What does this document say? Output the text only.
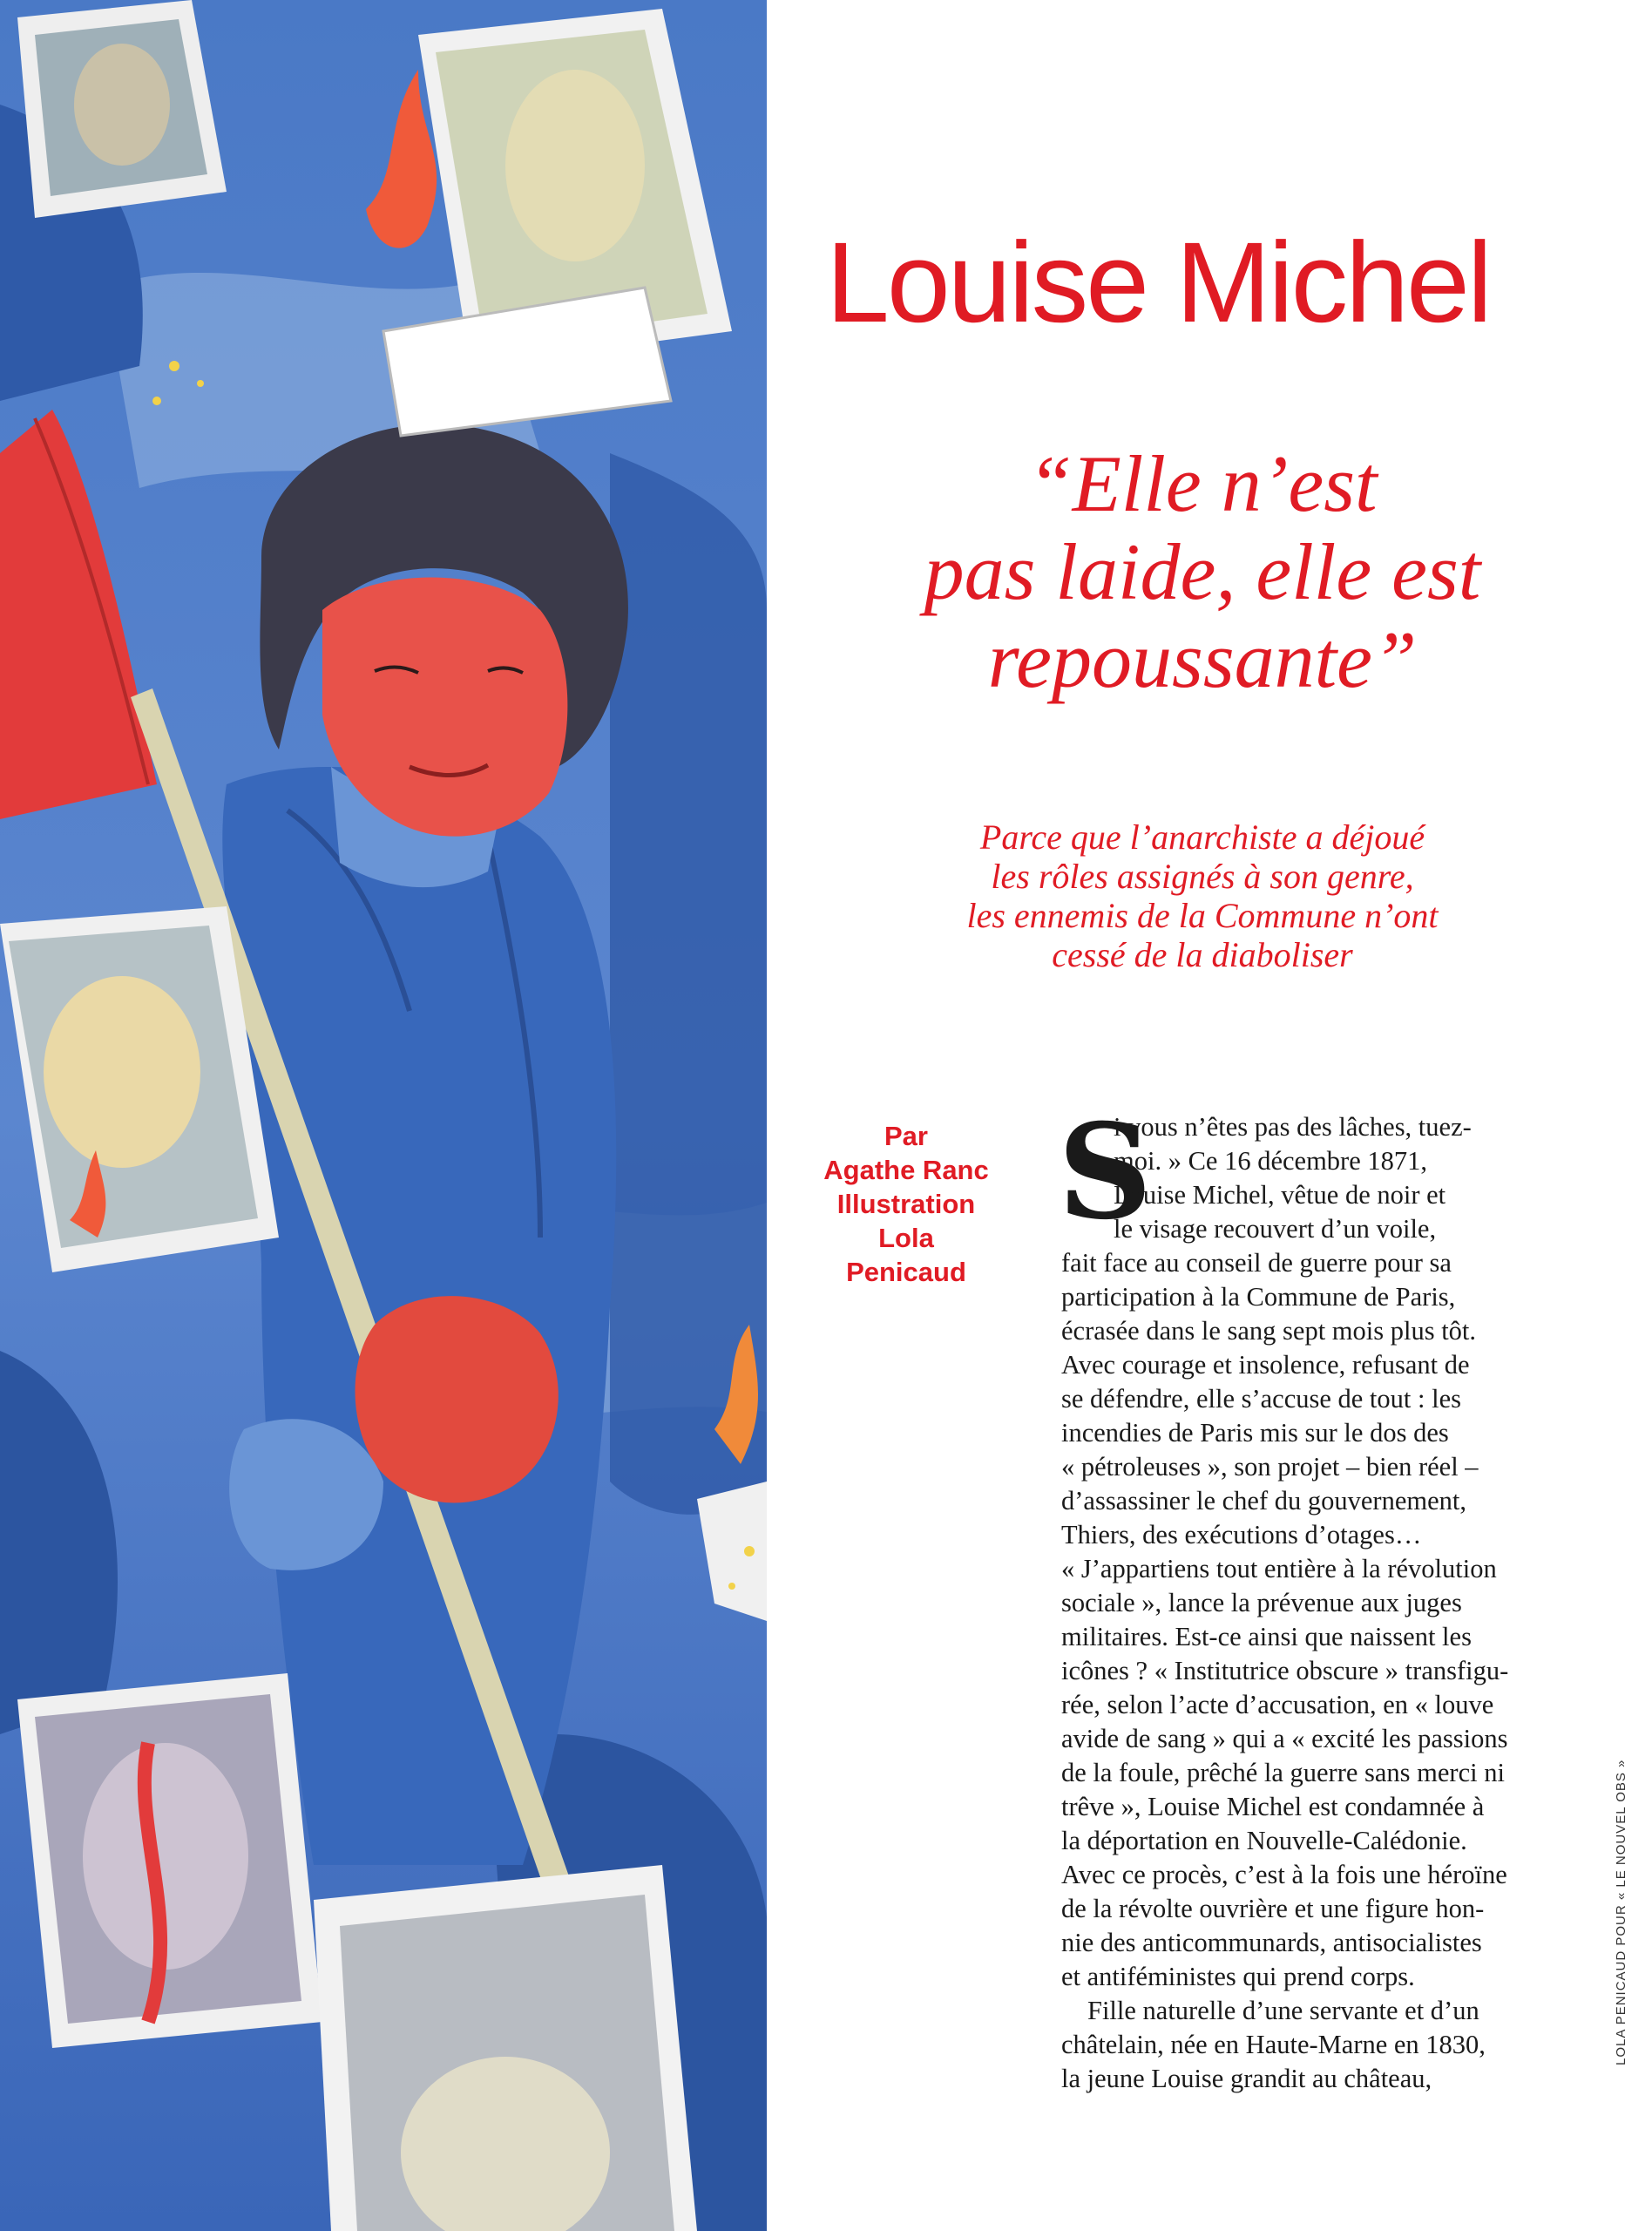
Louise Michel
“Elle n’est
pas laide, elle est
repoussante”
Parce que l’anarchiste a déjoué
les rôles assignés à son genre,
les ennemis de la Commune n’ont
cessé de la diaboliser
Par
Agathe Ranc
Illustration
Lola
Penicaud
S
i vous n’êtes pas des lâches, tuez-
moi. » Ce 16 décembre 1871,
Louise Michel, vêtue de noir et
le visage recouvert d’un voile,
fait face au conseil de guerre pour sa
participation à la Commune de Paris,
écrasée dans le sang sept mois plus tôt.
Avec courage et insolence, refusant de
se défendre, elle s’accuse de tout : les
incendies de Paris mis sur le dos des
« pétroleuses », son projet – bien réel –
d’assassiner le chef du gouvernement,
Thiers, des exécutions d’otages…
« J’appartiens tout entière à la révolution
sociale », lance la prévenue aux juges
militaires. Est-ce ainsi que naissent les
icônes ? « Institutrice obscure » transfigu-
rée, selon l’acte d’accusation, en « louve
avide de sang » qui a « excité les passions
de la foule, prêché la guerre sans merci ni
trêve », Louise Michel est condamnée à
la déportation en Nouvelle-Calédonie.
Avec ce procès, c’est à la fois une héroïne
de la révolte ouvrière et une figure hon-
nie des anticommunards, antisocialistes
et antiféministes qui prend corps.
Fille naturelle d’une servante et d’un
châtelain, née en Haute-Marne en 1830,
la jeune Louise grandit au château,
LOLA PENICAUD POUR « LE NOUVEL OBS »
